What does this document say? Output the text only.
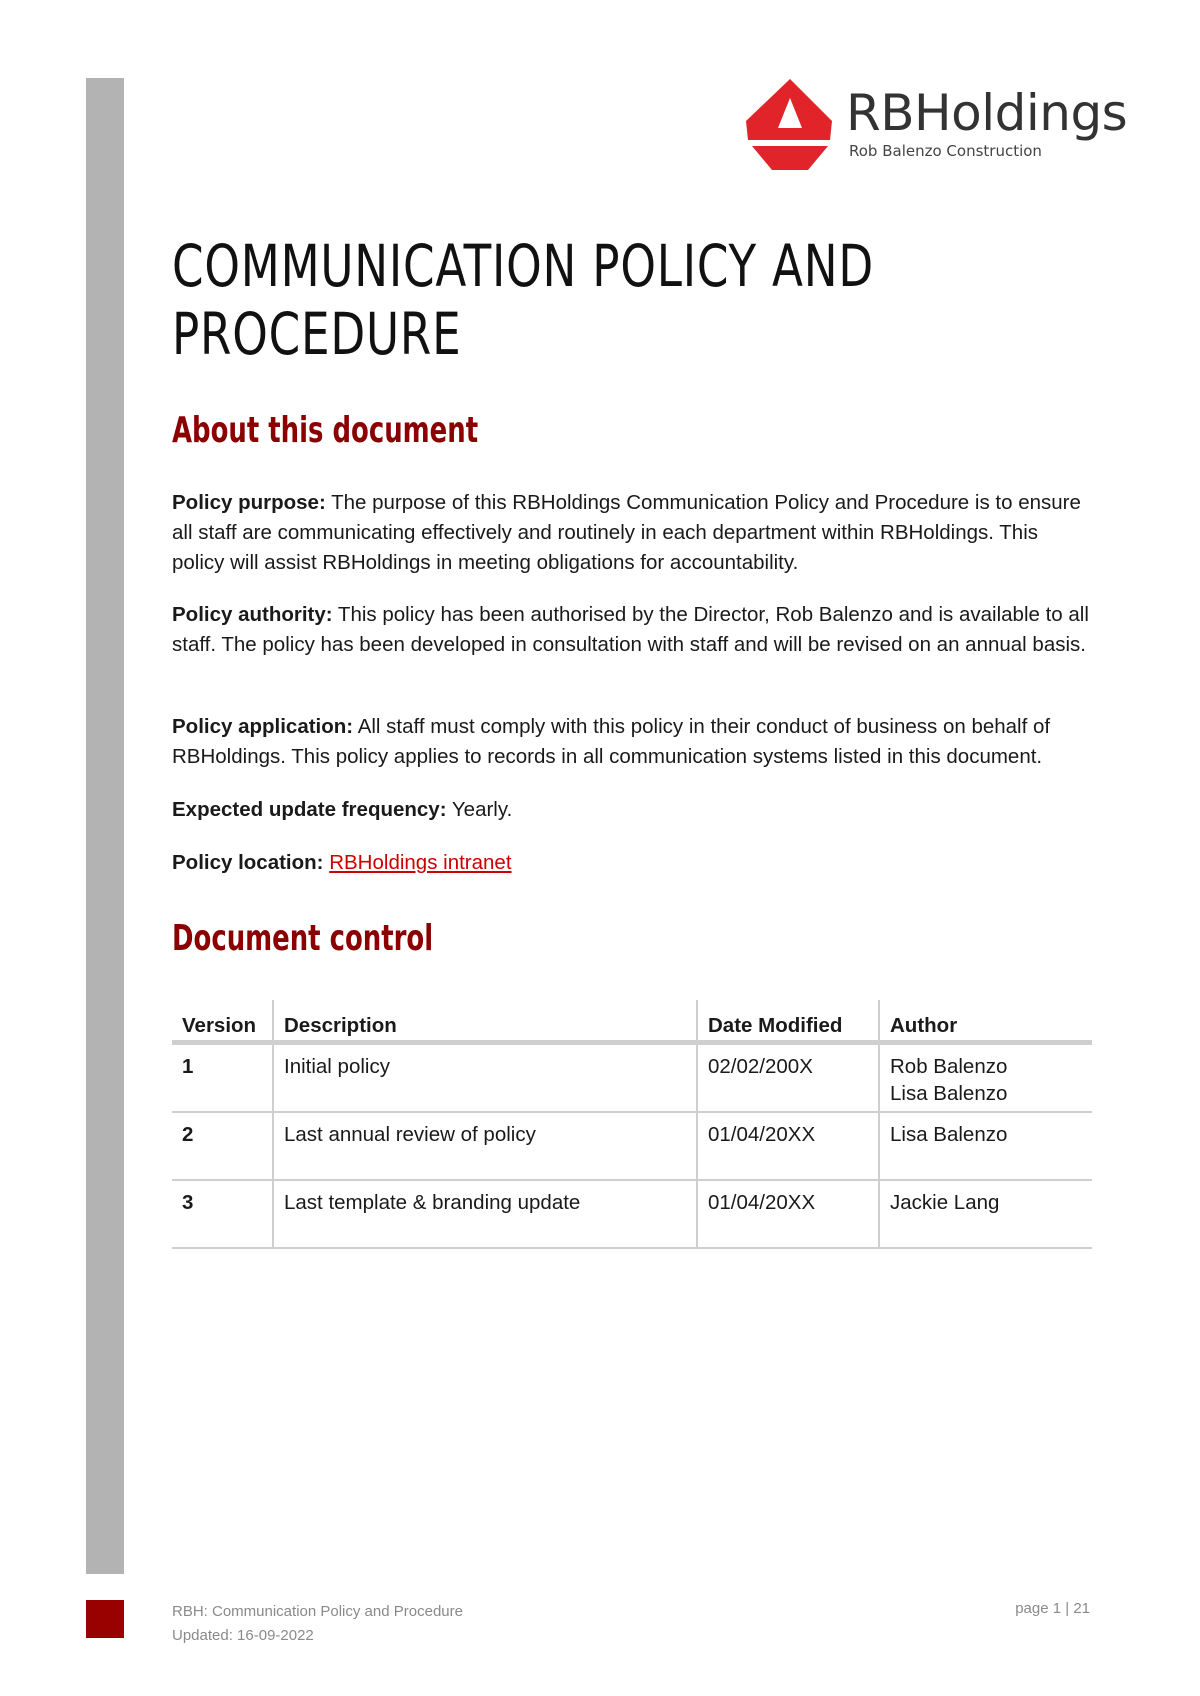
RBHoldings
Rob Balenzo Construction
COMMUNICATION POLICY AND PROCEDURE
About this document

Policy purpose: The purpose of this RBHoldings Communication Policy and Procedure is to ensure all staff are communicating effectively and routinely in each department within RBHoldings. This policy will assist RBHoldings in meeting obligations for accountability.

Policy authority: This policy has been authorised by the Director, Rob Balenzo and is available to all staff. The policy has been developed in consultation with staff and will be revised on an annual basis.

Policy application: All staff must comply with this policy in their conduct of business on behalf of RBHoldings. This policy applies to records in all communication systems listed in this document.

Expected update frequency: Yearly.

Policy location: RBHoldings intranet

Document control
Version	Description	Date Modified	Author
1	Initial policy	02/02/200X	Rob Balenzo
Lisa Balenzo

2	Last annual review of policy	01/04/20XX	Lisa Balenzo

3	Last template & branding update	01/04/20XX	Jackie Lang
RBH: Communication Policy and Procedure
Updated: 16-09-2022
page 1 | 21
